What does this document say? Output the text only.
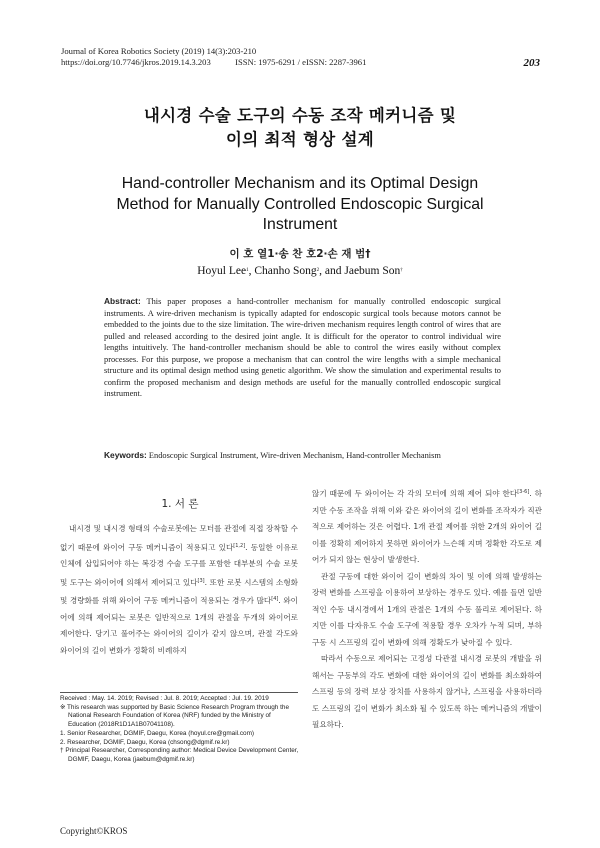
Journal of Korea Robotics Society (2019) 14(3):203-210
https://doi.org/10.7746/jkros.2019.14.3.203	ISSN: 1975-6291 / eISSN: 2287-3961	203
내시경 수술 도구의 수동 조작 메커니즘 및
이의 최적 형상 설계
Hand-controller Mechanism and its Optimal Design
Method for Manually Controlled Endoscopic Surgical
Instrument
이 호 열1·송 찬 호2·손 재 범†
Hoyul Lee$^1$, Chanho Song$^2$, and Jaebum Son†
Abstract: This paper proposes a hand-controller mechanism for manually controlled endoscopic surgical instruments. A wire-driven mechanism is typically adapted for endoscopic surgical tools because motors cannot be embedded to the joints due to the size limitation. The wire-driven mechanism requires length control of wires that are pulled and released according to the desired joint angle. It is difficult for the operator to control individual wire lengths intuitively. The hand-controller mechanism should be able to control the wires easily without complex processes. For this purpose, we propose a mechanism that can control the wire lengths with a simple mechanical structure and its optimal design method using genetic algorithm. We show the simulation and experimental results to confirm the proposed mechanism and design methods are useful for the manually controlled endoscopic surgical instrument.
Keywords: Endoscopic Surgical Instrument, Wire-driven Mechanism, Hand-controller Mechanism
1. 서 론

내시경 및 내시경 형태의 수술로봇에는 모터를 관절에 직접 장착할 수 없기 때문에 와이어 구동 메커니즘이 적용되고 있다[1,2]. 동일한 이유로 인체에 삽입되어야 하는 복강경 수술 도구를 포함한 대부분의 수술 로봇 및 도구는 와이어에 의해서 제어되고 있다[3]. 또한 로봇 시스템의 소형화 및 경량화를 위해 와이어 구동 메커니즘이 적용되는 경우가 많다[4]. 와이어에 의해 제어되는 로봇은 일반적으로 1개의 관절을 두개의 와이어로 제어한다. 당기고 풀어주는 와이어의 길이가 같지 않으며, 관절 각도와 와이어의 길이 변화가 정확히 비례하지

않기 때문에 두 와이어는 각 각의 모터에 의해 제어 되야 한다[3-6]. 하지만 수동 조작을 위해 이와 같은 와이어의 길이 변화를 조작자가 직관적으로 제어하는 것은 어렵다. 1개 관절 제어를 위한 2개의 와이어 길이를 정확히 제어하지 못하면 와이어가 느슨해 지며 정확한 각도로 제어가 되지 않는 현상이 발생한다.

관절 구동에 대한 와이어 길이 변화의 차이 및 이에 의해 발생하는 장력 변화를 스프링을 이용하여 보상하는 경우도 있다. 예를 들면 일반적인 수동 내시경에서 1개의 관절은 1개의 수동 풀리로 제어된다. 하지만 이를 다자유도 수술 도구에 적용할 경우 오차가 누적 되며, 부하 구동 시 스프링의 길이 변화에 의해 정확도가 낮아질 수 있다.

따라서 수동으로 제어되는 고정성 다관절 내시경 로봇의 개발을 위해서는 구동부의 각도 변화에 대한 와이어의 길이 변화를 최소화하여 스프링 등의 장력 보상 장치를 사용하지 않거나, 스프링을 사용하더라도 스프링의 길이 변화가 최소화 될 수 있도록 하는 메커니즘의 개발이 필요하다.

Received : May. 14. 2019; Revised : Jul. 8. 2019; Accepted : Jul. 19. 2019
※ This research was supported by Basic Science Research Program through the National Research Foundation of Korea (NRF) funded by the Ministry of Education (2018R1D1A1B07041108).
1. Senior Researcher, DGMIF, Daegu, Korea (hoyul.cre@gmail.com)
2. Researcher, DGMIF, Daegu, Korea (chsong@dgmif.re.kr)
† Principal Researcher, Corresponding author: Medical Device Development Center, DGMIF, Daegu, Korea (jaebum@dgmif.re.kr)
Copyright©KROS
